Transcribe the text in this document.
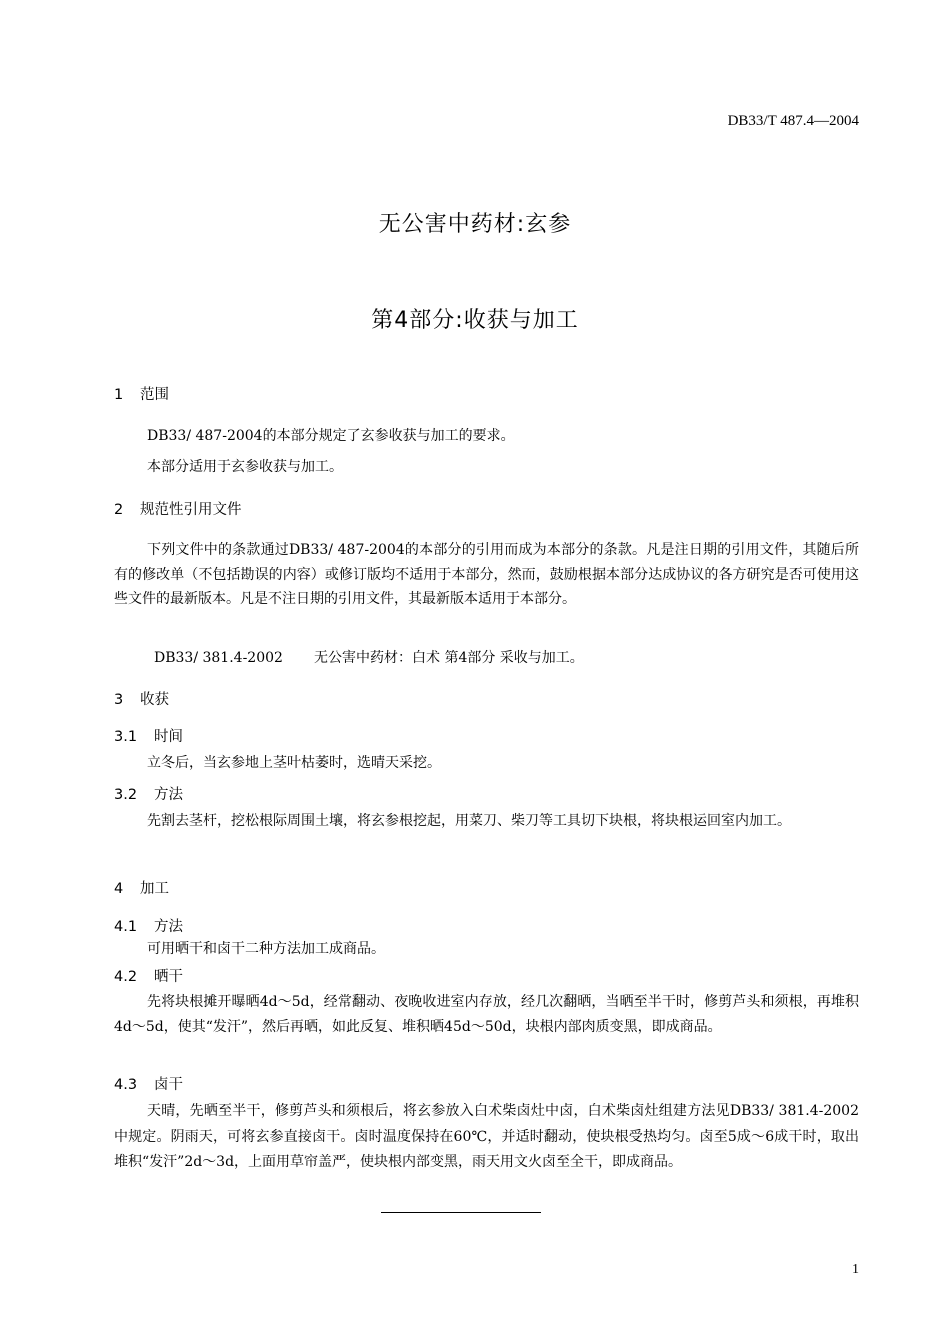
DB33/T 487.4—2004
无公害中药材:玄参
第4部分:收获与加工
1 范围
DB33/ 487-2004的本部分规定了玄参收获与加工的要求。
本部分适用于玄参收获与加工。
2 规范性引用文件
下列文件中的条款通过DB33/ 487-2004的本部分的引用而成为本部分的条款。凡是注日期的引用文件，其随后所有的修改单（不包括勘误的内容）或修订版均不适用于本部分，然而，鼓励根据本部分达成协议的各方研究是否可使用这些文件的最新版本。凡是不注日期的引用文件，其最新版本适用于本部分。
DB33/ 381.4-2002 无公害中药材：白术 第4部分 采收与加工。
3 收获
3.1 时间
立冬后，当玄参地上茎叶枯萎时，选晴天采挖。
3.2 方法
先割去茎杆，挖松根际周围土壤，将玄参根挖起，用菜刀、柴刀等工具切下块根，将块根运回室内加工。
4 加工
4.1 方法
可用晒干和卤干二种方法加工成商品。
4.2 晒干
先将块根摊开曝晒4d～5d，经常翻动、夜晚收进室内存放，经几次翻晒，当晒至半干时，修剪芦头和须根，再堆积4d～5d，使其“发汗”，然后再晒，如此反复、堆积晒45d～50d，块根内部肉质变黑，即成商品。
4.3 卤干
天晴，先晒至半干，修剪芦头和须根后，将玄参放入白术柴卤灶中卤，白术柴卤灶组建方法见DB33/ 381.4-2002中规定。阴雨天，可将玄参直接卤干。卤时温度保持在60℃，并适时翻动，使块根受热均匀。卤至5成～6成干时，取出堆积“发汗”2d～3d，上面用草帘盖严，使块根内部变黑，雨天用文火卤至全干，即成商品。
1
